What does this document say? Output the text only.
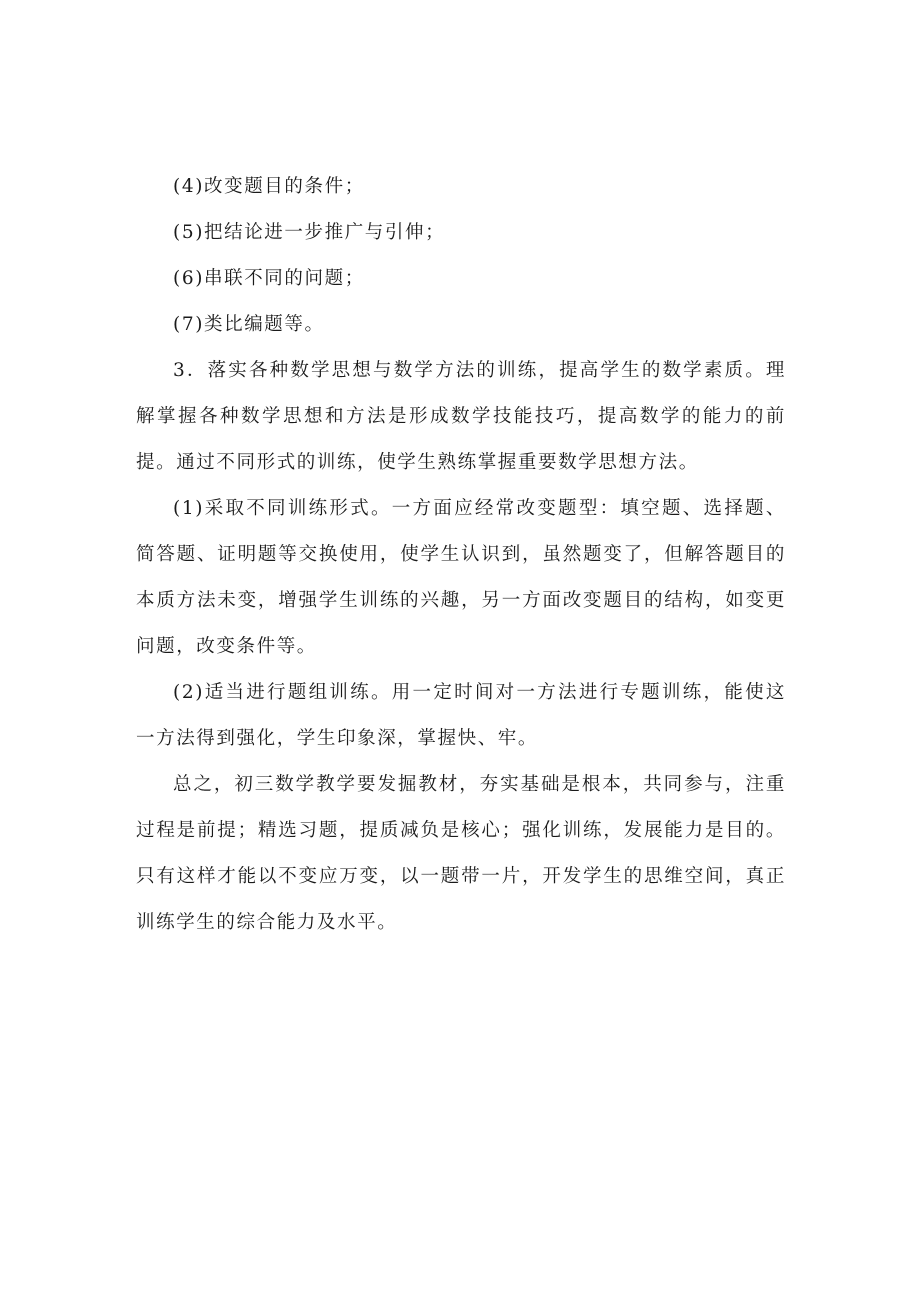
(4)改变题目的条件；

(5)把结论进一步推广与引伸；

(6)串联不同的问题；

(7)类比编题等。

3．落实各种数学思想与数学方法的训练，提高学生的数学素质。理解掌握各种数学思想和方法是形成数学技能技巧，提高数学的能力的前提。通过不同形式的训练，使学生熟练掌握重要数学思想方法。

(1)采取不同训练形式。一方面应经常改变题型：填空题、选择题、简答题、证明题等交换使用，使学生认识到，虽然题变了，但解答题目的本质方法未变，增强学生训练的兴趣，另一方面改变题目的结构，如变更问题，改变条件等。

(2)适当进行题组训练。用一定时间对一方法进行专题训练，能使这一方法得到强化，学生印象深，掌握快、牢。

总之，初三数学教学要发掘教材，夯实基础是根本，共同参与，注重过程是前提；精选习题，提质减负是核心；强化训练，发展能力是目的。只有这样才能以不变应万变，以一题带一片，开发学生的思维空间，真正训练学生的综合能力及水平。
